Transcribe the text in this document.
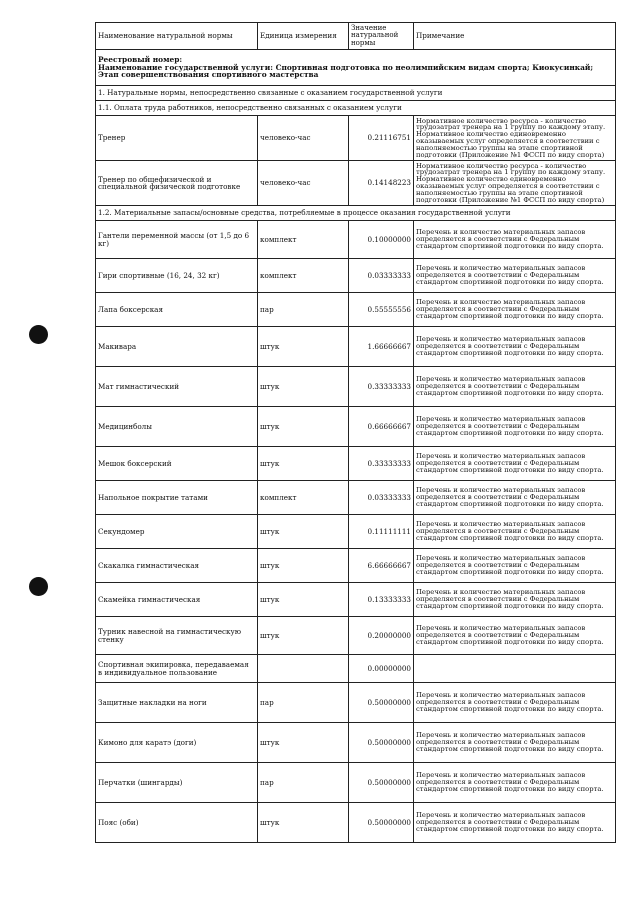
Наименование натуральной нормы	Единица измерения	Значение натуральной нормы	Примечание

Реестровый номер:
Наименование государственной услуги: Спортивная подготовка по неолимпийским видам спорта; Киокусинкай; Этап совершенствования спортивного мастерства			

1. Натуральные нормы, непосредственно связанные с оказанием государственной услуги			
1.1. Оплата труда работников, непосредственно связанных с оказанием услуги			
Тренер	человеко-час	0.21116751	Нормативное количество ресурса - количество трудозатрат тренера на 1 группу по каждому этапу. Нормативное количество единовременно оказываемых услуг определяется в соответствии с наполняемостью группы на этапе спортивной подготовки (Приложение №1 ФССП по виду спорта)
Тренер по общефизической и специальной физической подготовке	человеко-час	0.14148223	Нормативное количество ресурса - количество трудозатрат тренера на 1 группу по каждому этапу. Нормативное количество единовременно оказываемых услуг определяется в соответствии с наполняемостью группы на этапе спортивной подготовки (Приложение №1 ФССП по виду спорта)
1.2. Материальные запасы/основные средства, потребляемые в процессе оказания государственной услуги			
Гантели переменной массы (от 1,5 до 6 кг)	комплект	0.10000000	Перечень и количество материальных запасов определяется в соответствии с Федеральным стандартом спортивной подготовки по виду спорта.
Гири спортивные (16, 24, 32 кг)	комплект	0.03333333	Перечень и количество материальных запасов определяется в соответствии с Федеральным стандартом спортивной подготовки по виду спорта.
Лапа боксерская	пар	0.55555556	Перечень и количество материальных запасов определяется в соответствии с Федеральным стандартом спортивной подготовки по виду спорта.
Макивара	штук	1.66666667	Перечень и количество материальных запасов определяется в соответствии с Федеральным стандартом спортивной подготовки по виду спорта.
Мат гимнастический	штук	0.33333333	Перечень и количество материальных запасов определяется в соответствии с Федеральным стандартом спортивной подготовки по виду спорта.
Медицинболы	штук	0.66666667	Перечень и количество материальных запасов определяется в соответствии с Федеральным стандартом спортивной подготовки по виду спорта.
Мешок боксерский	штук	0.33333333	Перечень и количество материальных запасов определяется в соответствии с Федеральным стандартом спортивной подготовки по виду спорта.
Напольное покрытие татами	комплект	0.03333333	Перечень и количество материальных запасов определяется в соответствии с Федеральным стандартом спортивной подготовки по виду спорта.
Секундомер	штук	0.11111111	Перечень и количество материальных запасов определяется в соответствии с Федеральным стандартом спортивной подготовки по виду спорта.
Скакалка гимнастическая	штук	6.66666667	Перечень и количество материальных запасов определяется в соответствии с Федеральным стандартом спортивной подготовки по виду спорта.
Скамейка гимнастическая	штук	0.13333333	Перечень и количество материальных запасов определяется в соответствии с Федеральным стандартом спортивной подготовки по виду спорта.
Турник навесной на гимнастическую стенку	штук	0.20000000	Перечень и количество материальных запасов определяется в соответствии с Федеральным стандартом спортивной подготовки по виду спорта.
Спортивная экипировка, передаваемая в индивидуальное пользование		0.00000000	
Защитные накладки на ноги	пар	0.50000000	Перечень и количество материальных запасов определяется в соответствии с Федеральным стандартом спортивной подготовки по виду спорта.
Кимоно для каратэ (доги)	штук	0.50000000	Перечень и количество материальных запасов определяется в соответствии с Федеральным стандартом спортивной подготовки по виду спорта.
Перчатки (шингарды)	пар	0.50000000	Перечень и количество материальных запасов определяется в соответствии с Федеральным стандартом спортивной подготовки по виду спорта.
Пояс (оби)	штук	0.50000000	Перечень и количество материальных запасов определяется в соответствии с Федеральным стандартом спортивной подготовки по виду спорта.
